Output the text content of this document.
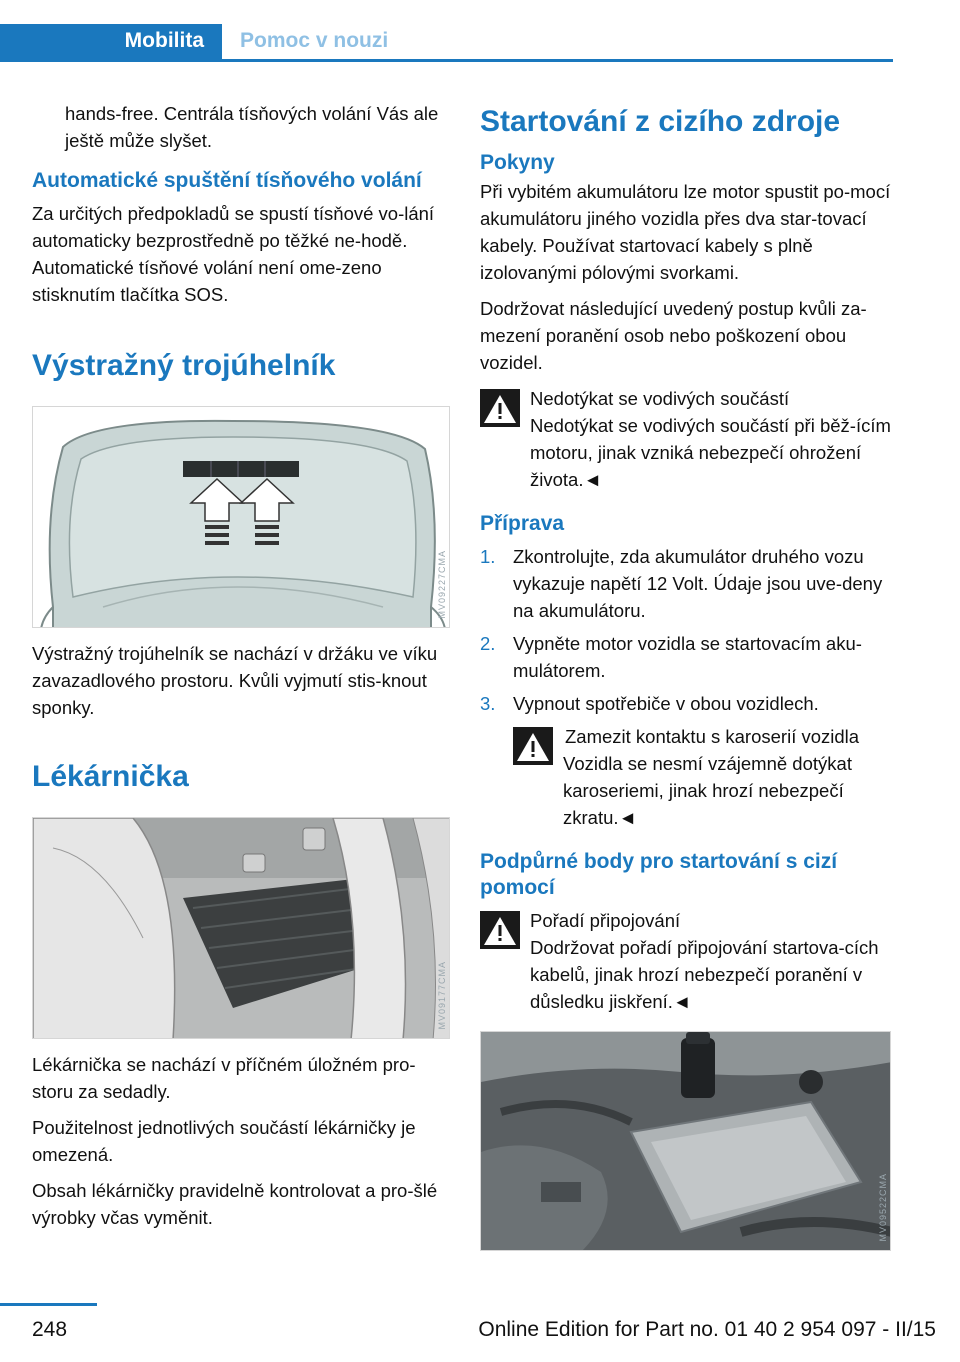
Mobilita Pomoc v nouzi

hands-free. Centrála tísňových volání Vás ale ještě může slyšet.

Automatické spuštění tísňového volání

Za určitých předpokladů se spustí tísňové vo-lání automaticky bezprostředně po těžké ne-hodě. Automatické tísňové volání není ome-zeno stisknutím tlačítka SOS.

Výstražný trojúhelník
MV09227CMA

Výstražný trojúhelník se nachází v držáku ve víku zavazadlového prostoru. Kvůli vyjmutí stis-knout sponky.

Lékárnička
MV09177CMA

Lékárnička se nachází v příčném úložném pro-storu za sedadly.

Použitelnost jednotlivých součástí lékárničky je omezená.

Obsah lékárničky pravidelně kontrolovat a pro-šlé výrobky včas vyměnit.

Startování z cizího zdroje
Pokyny

Při vybitém akumulátoru lze motor spustit po-mocí akumulátoru jiného vozidla přes dva star-tovací kabely. Používat startovací kabely s plně izolovanými pólovými svorkami.

Dodržovat následující uvedený postup kvůli za-mezení poranění osob nebo poškození obou vozidel.

Nedotýkat se vodivých součástí
Nedotýkat se vodivých součástí při běž-ícím motoru, jinak vzniká nebezpečí ohrožení života.◄
Příprava
1. Zkontrolujte, zda akumulátor druhého vozu vykazuje napětí 12 Volt. Údaje jsou uve-deny na akumulátoru.
2. Vypněte motor vozidla se startovacím aku-mulátorem.
3. Vypnout spotřebiče v obou vozidlech.
Zamezit kontaktu s karoserií vozidla
Vozidla se nesmí vzájemně dotýkat karoseriemi, jinak hrozí nebezpečí zkratu.◄
Podpůrné body pro startování s cizí pomocí
Pořadí připojování
Dodržovat pořadí připojování startova-cích kabelů, jinak hrozí nebezpečí poranění v důsledku jiskření.◄
MV09522CMA
248	Online Edition for Part no. 01 40 2 954 097 - II/15
